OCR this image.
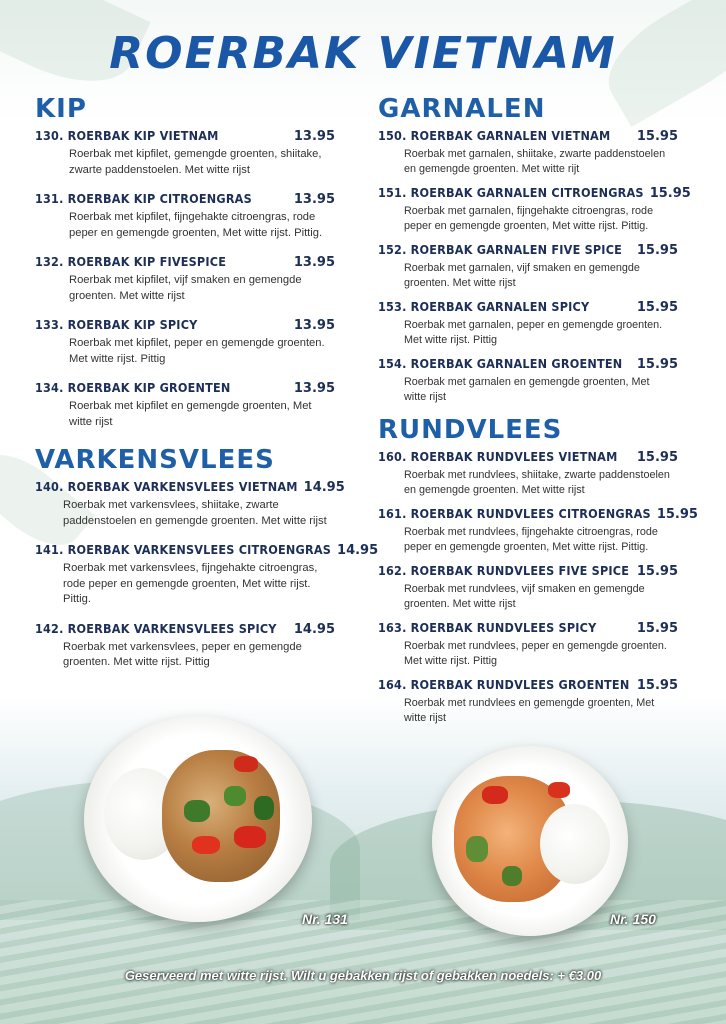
ROERBAK VIETNAM
KIP
130. ROERBAK KIP VIETNAM	13.95
Roerbak met kipfilet, gemengde groenten, shiitake, zwarte paddenstoelen. Met witte rijst
131. ROERBAK KIP CITROENGRAS	13.95
Roerbak met kipfilet, fijngehakte citroengras, rode peper en gemengde groenten, Met witte rijst. Pittig.
132. ROERBAK KIP FIVESPICE	13.95
Roerbak met kipfilet, vijf smaken en gemengde groenten. Met witte rijst
133. ROERBAK KIP SPICY	13.95
Roerbak met kipfilet, peper en gemengde groenten. Met witte rijst. Pittig
134. ROERBAK KIP GROENTEN	13.95
Roerbak met kipfilet en gemengde groenten, Met witte rijst
VARKENSVLEES
140. ROERBAK VARKENSVLEES VIETNAM 14.95
Roerbak met varkensvlees, shiitake, zwarte paddenstoelen en gemengde groenten. Met witte rijst
141. ROERBAK VARKENSVLEES CITROENGRAS 14.95
Roerbak met varkensvlees, fijngehakte citroengras, rode peper en gemengde groenten, Met witte rijst. Pittig.
142. ROERBAK VARKENSVLEES SPICY 14.95
Roerbak met varkensvlees, peper en gemengde groenten. Met witte rijst. Pittig
GARNALEN
150. ROERBAK GARNALEN VIETNAM 15.95
Roerbak met garnalen, shiitake, zwarte paddenstoelen en gemengde groenten. Met witte rijt
151. ROERBAK GARNALEN CITROENGRAS 15.95
Roerbak met garnalen, fijngehakte citroengras, rode peper en gemengde groenten, Met witte rijst. Pittig.
152. ROERBAK GARNALEN FIVE SPICE 15.95
Roerbak met garnalen, vijf smaken en gemengde groenten. Met witte rijst
153. ROERBAK GARNALEN SPICY	15.95
Roerbak met garnalen, peper en gemengde groenten. Met witte rijst. Pittig
154. ROERBAK GARNALEN GROENTEN 15.95
Roerbak met garnalen en gemengde groenten, Met witte rijst
RUNDVLEES
160. ROERBAK RUNDVLEES VIETNAM 15.95
Roerbak met rundvlees, shiitake, zwarte paddenstoelen en gemengde groenten. Met witte rijst
161. ROERBAK RUNDVLEES CITROENGRAS 15.95
Roerbak met rundvlees, fijngehakte citroengras, rode peper en gemengde groenten, Met witte rijst. Pittig.
162. ROERBAK RUNDVLEES FIVE SPICE 15.95
Roerbak met rundvlees, vijf smaken en gemengde groenten. Met witte rijst
163. ROERBAK RUNDVLEES SPICY	15.95
Roerbak met rundvlees, peper en gemengde groenten. Met witte rijst. Pittig
164. ROERBAK RUNDVLEES GROENTEN 15.95
Roerbak met rundvlees en gemengde groenten, Met witte rijst
Nr. 131	Nr. 150
Geserveerd met witte rijst. Wilt u gebakken rijst of gebakken noedels: + €3.00
